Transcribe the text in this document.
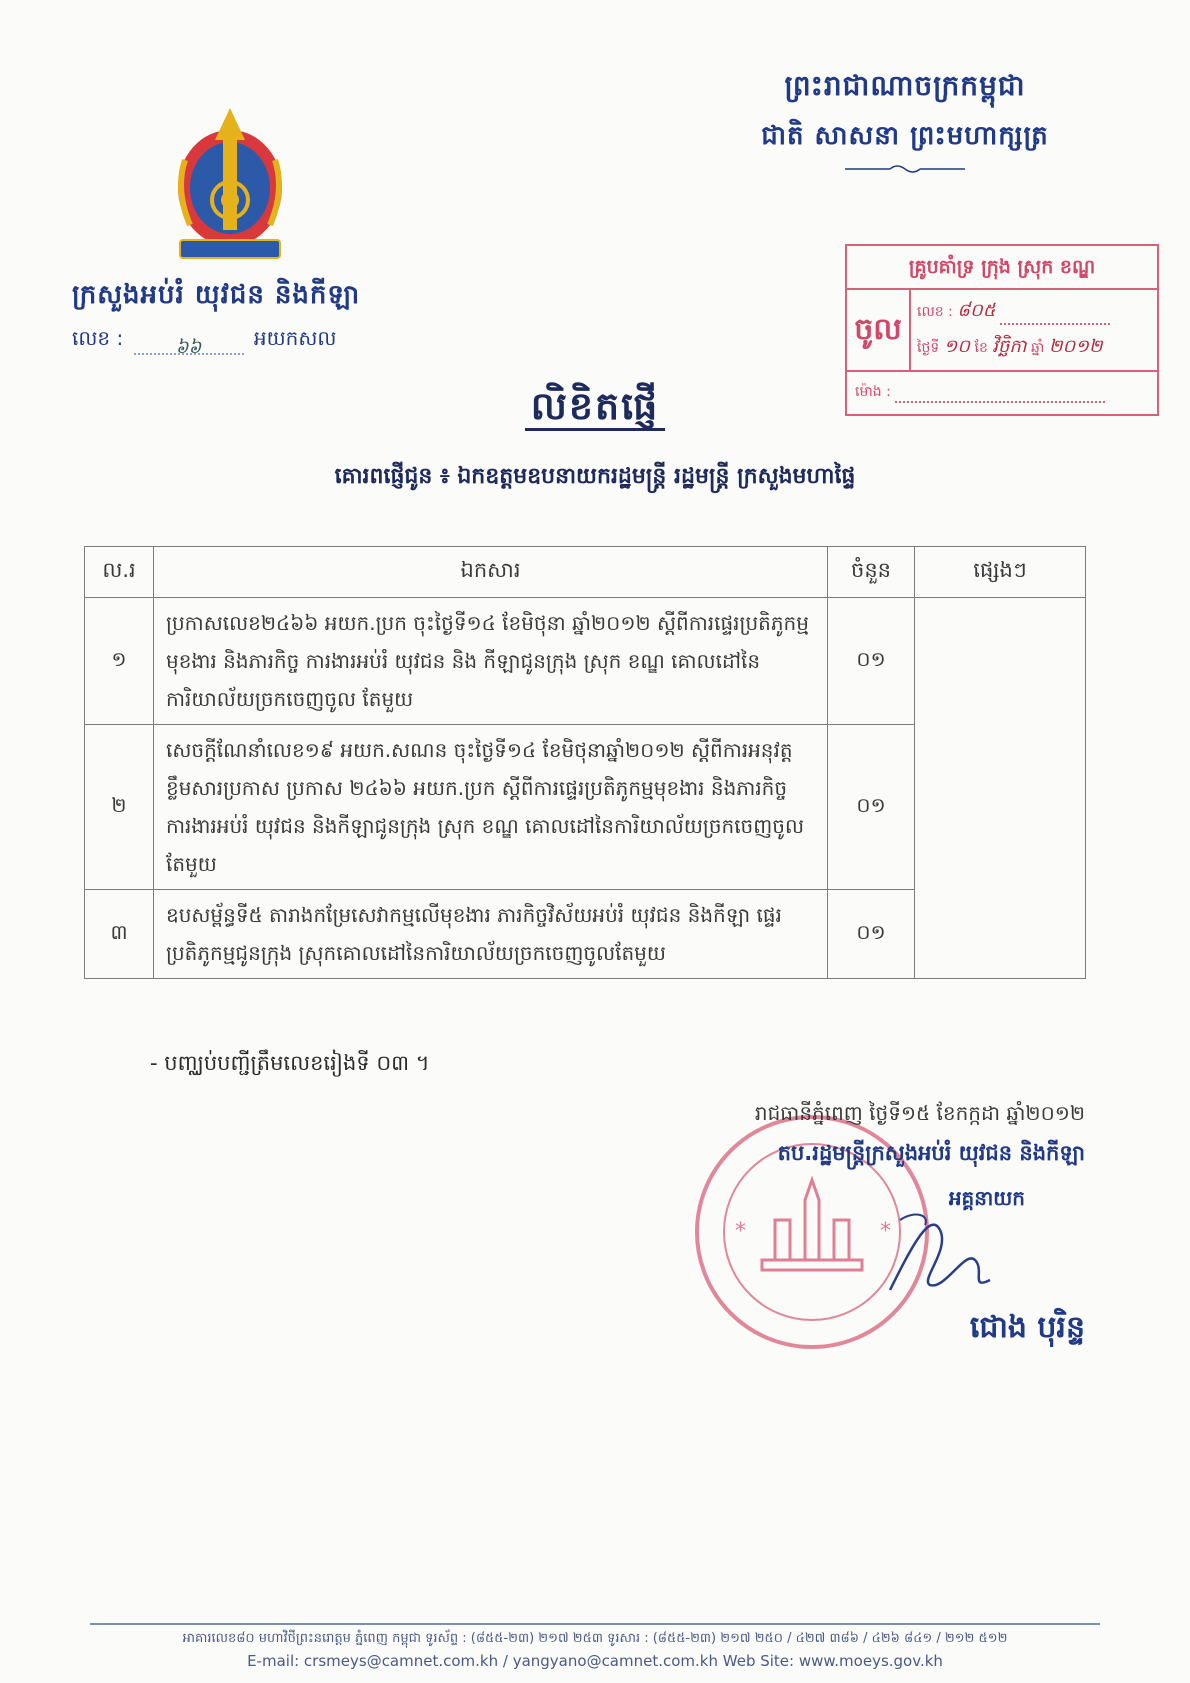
ព្រះរាជាណាចក្រកម្ពុជា
ជាតិ សាសនា ព្រះមហាក្សត្រ
ក្រសួងអប់រំ យុវជន និងកីឡា
លេខ :	៦៦	អយកសល
គ្រូបគាំទ្រ ក្រុង ស្រុក ខណ្ឌ
ចូល	លេខ : ៨០៥
ថ្ងៃទី ១០ ខែ វិច្ឆិកា ឆ្នាំ ២០១២
ម៉ោង :
លិខិតផ្ញើ
គោរពផ្ញើជូន ៖ ឯកឧត្តមឧបនាយករដ្ឋមន្ត្រី រដ្ឋមន្ត្រី ក្រសួងមហាផ្ទៃ
ល.រ	ឯកសារ	ចំនួន	ផ្សេងៗ
១	ប្រកាសលេខ២៤៦៦ អយក.ប្រក ចុះថ្ងៃទី១៤ ខែមិថុនា ឆ្នាំ២០១២ ស្តីពីការផ្ទេរប្រតិភូកម្មមុខងារ និងភារកិច្ច ការងារអប់រំ យុវជន និង កីឡាជូនក្រុង ស្រុក ខណ្ឌ គោលដៅនៃការិយាល័យច្រកចេញចូល តែមួយ	០១	
២	សេចក្តីណែនាំលេខ១៩ អយក.សណន ចុះថ្ងៃទី១៤ ខែមិថុនាឆ្នាំ២០១២ ស្តីពីការអនុវត្តខ្លឹមសារប្រកាស ប្រកាស ២៤៦៦ អយក.ប្រក ស្តីពីការផ្ទេរប្រតិភូកម្មមុខងារ និងភារកិច្ច ការងារអប់រំ យុវជន និងកីឡាជូនក្រុង ស្រុក ខណ្ឌ គោលដៅនៃការិយាល័យច្រកចេញចូលតែមួយ	០១	
៣	ឧបសម្ព័ន្ធទី៥ តារាងកម្រែសេវាកម្មលើមុខងារ ភារកិច្ចវិស័យអប់រំ យុវជន និងកីឡា ផ្ទេរ ប្រតិភូកម្មជូនក្រុង ស្រុកគោលដៅនៃការិយាល័យច្រកចេញចូលតែមួយ	០១	
- បញ្ឈប់បញ្ជីត្រឹមលេខរៀងទី ០៣ ។
*	*
រាជធានីភ្នំពេញ ថ្ងៃទី១៥ ខែកក្កដា ឆ្នាំ២០១២
តប.រដ្ឋមន្ត្រីក្រសួងអប់រំ យុវជន និងកីឡា
អគ្គនាយក
ជោង បុរិន្ទ
អាគារលេខ៨០ មហាវិថីព្រះនរោត្តម ភ្នំពេញ កម្ពុជា ទូរស័ព្ទ : (៨៥៥-២៣) ២១៧ ២៥៣ ទូរសារ : (៨៥៥-២៣) ២១៧ ២៥០ / ៤២៧ ៣៨៦ / ៤២៦ ៨៤១ / ២១២ ៥១២
E-mail: crsmeys@camnet.com.kh / yangyano@camnet.com.kh Web Site: www.moeys.gov.kh
